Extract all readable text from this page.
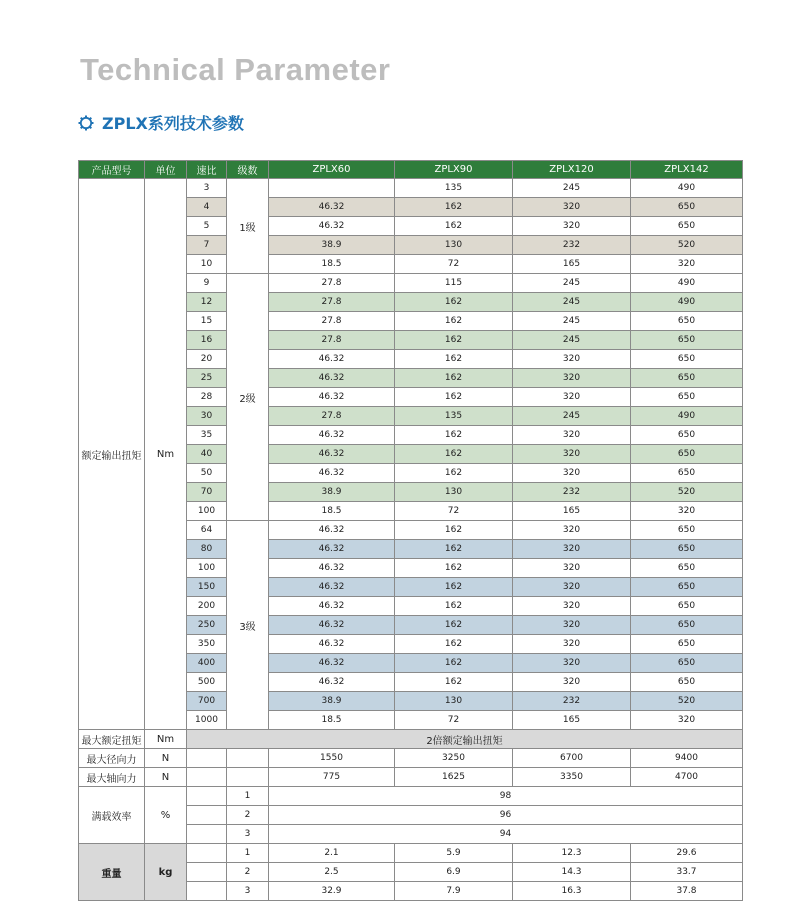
Technical Parameter
ZPLX系列技术参数
产品型号	单位	速比	级数	ZPLX60	ZPLX90	ZPLX120	ZPLX142
额定输出扭矩	Nm	3	1级		135	245	490
		4		46.32	162	320	650
		5		46.32	162	320	650
		7		38.9	130	232	520
		10		18.5	72	165	320
		9	2级	27.8	115	245	490
		12		27.8	162	245	490
		15		27.8	162	245	650
		16		27.8	162	245	650
		20		46.32	162	320	650
		25		46.32	162	320	650
		28		46.32	162	320	650
		30		27.8	135	245	490
		35		46.32	162	320	650
		40		46.32	162	320	650
		50		46.32	162	320	650
		70		38.9	130	232	520
		100		18.5	72	165	320
		64	3级	46.32	162	320	650
		80		46.32	162	320	650
		100		46.32	162	320	650
		150		46.32	162	320	650
		200		46.32	162	320	650
		250		46.32	162	320	650
		350		46.32	162	320	650
		400		46.32	162	320	650
		500		46.32	162	320	650
		700		38.9	130	232	520
		1000		18.5	72	165	320
最大额定扭矩	Nm	2倍额定输出扭矩					
最大径向力	N			1550	3250	6700	9400
最大轴向力	N			775	1625	3350	4700
满载效率	%		1	98			
			2	96			
			3	94			
重量	kg		1	2.1	5.9	12.3	29.6
			2	2.5	6.9	14.3	33.7
			3	32.9	7.9	16.3	37.8
